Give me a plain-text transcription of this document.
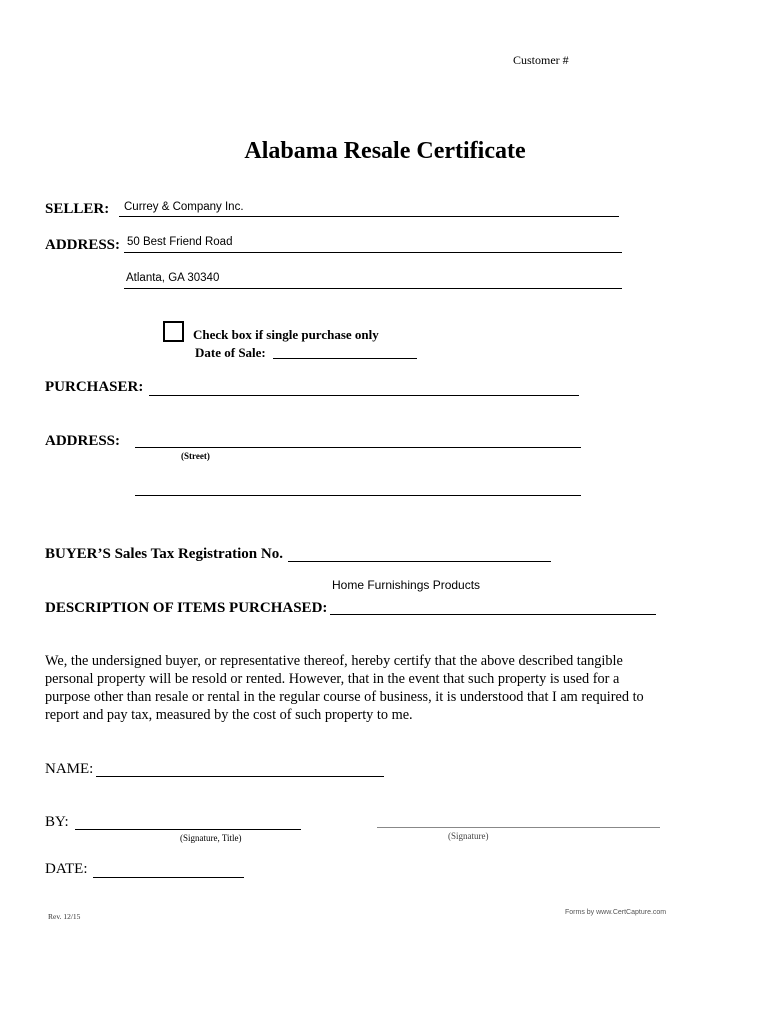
Customer #
Alabama Resale Certificate
SELLER: Currey & Company Inc.
ADDRESS: 50 Best Friend Road
Atlanta, GA 30340
Check box if single purchase only
Date of Sale:
PURCHASER:
ADDRESS:
(Street)
BUYER’S Sales Tax Registration No.
Home Furnishings Products
DESCRIPTION OF ITEMS PURCHASED:
We, the undersigned buyer, or representative thereof, hereby certify that the above described tangible personal property will be resold or rented. However, that in the event that such property is used for a purpose other than resale or rental in the regular course of business, it is understood that I am required to report and pay tax, measured by the cost of such property to me.
NAME:
BY:
(Signature, Title)	(Signature)
DATE:
Rev. 12/15	Forms by www.CertCapture.com
